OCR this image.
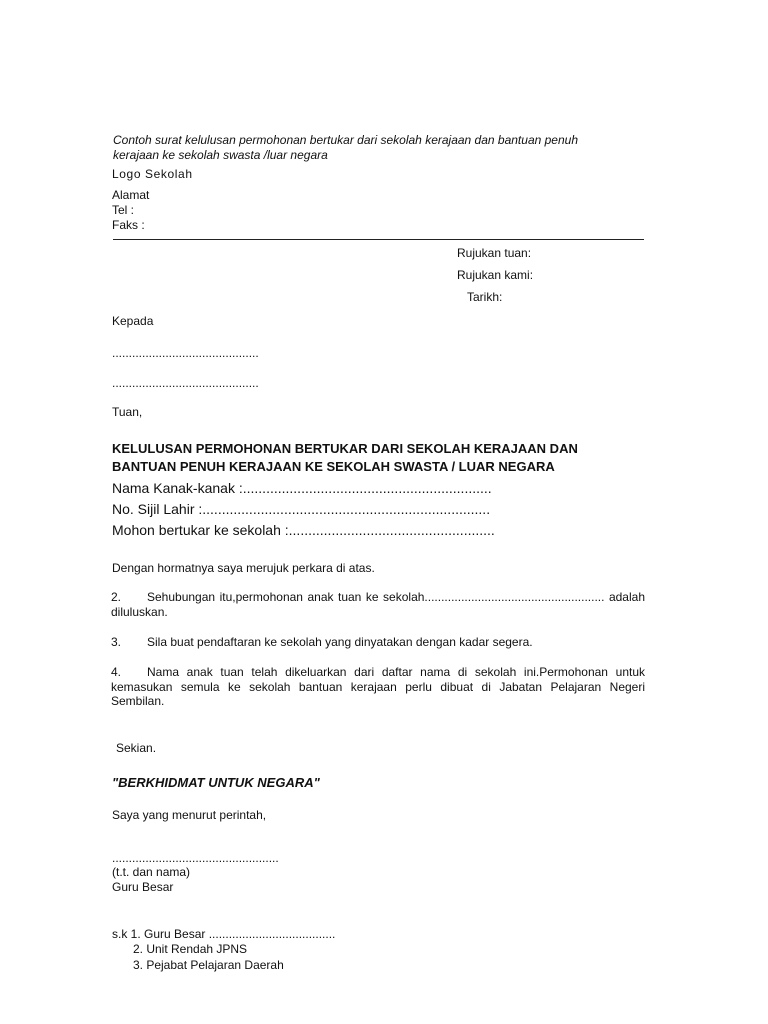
Contoh surat kelulusan permohonan bertukar dari sekolah kerajaan dan bantuan penuh
kerajaan ke sekolah swasta /luar negara
Logo Sekolah
Alamat
Tel :
Faks :
Rujukan tuan:
Rujukan kami:
Tarikh:
Kepada
............................................
............................................
Tuan,
KELULUSAN PERMOHONAN BERTUKAR DARI SEKOLAH KERAJAAN DAN
BANTUAN PENUH KERAJAAN KE SEKOLAH SWASTA / LUAR NEGARA
Nama Kanak-kanak :................................................................
No. Sijil Lahir :..........................................................................
Mohon bertukar ke sekolah :.....................................................
Dengan hormatnya saya merujuk perkara di atas.
2. Sehubungan itu,permohonan anak tuan ke sekolah...................................................... adalah diluluskan.
3. Sila buat pendaftaran ke sekolah yang dinyatakan dengan kadar segera.
4. Nama anak tuan telah dikeluarkan dari daftar nama di sekolah ini.Permohonan untuk kemasukan semula ke sekolah bantuan kerajaan perlu dibuat di Jabatan Pelajaran Negeri Sembilan.
Sekian.
"BERKHIDMAT UNTUK NEGARA"
Saya yang menurut perintah,
..................................................
(t.t. dan nama)
Guru Besar
s.k 1. Guru Besar ......................................
2. Unit Rendah JPNS
3. Pejabat Pelajaran Daerah
